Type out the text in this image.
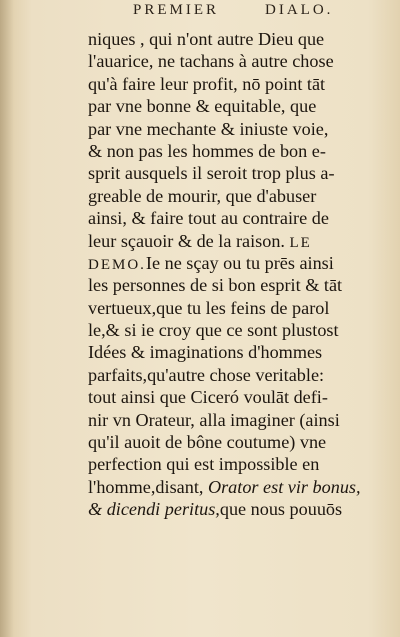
PREMIER	DIALO.
niques , qui n'ont autre Dieu que
l'auarice, ne tachans à autre chose
qu'à faire leur profit, nō point tāt
par vne bonne & equitable, que
par vne mechante & iniuste voie,
& non pas les hommes de bon e-
sprit ausquels il seroit trop plus a-
greable de mourir, que d'abuser
ainsi, & faire tout au contraire de
leur sçauoir & de la raison. LE
DEMO.Ie ne sçay ou tu prēs ainsi
les personnes de si bon esprit & tāt
vertueux,que tu les feins de parol
le,& si ie croy que ce sont plustost
Idées & imaginations d'hommes
parfaits,qu'autre chose veritable:
tout ainsi que Ciceró voulāt defi-
nir vn Orateur, alla imaginer (ainsi
qu'il auoit de bône coutume) vne
perfection qui est impossible en
l'homme,disant, Orator est vir bonus,
& dicendi peritus,que nous pouuōs
